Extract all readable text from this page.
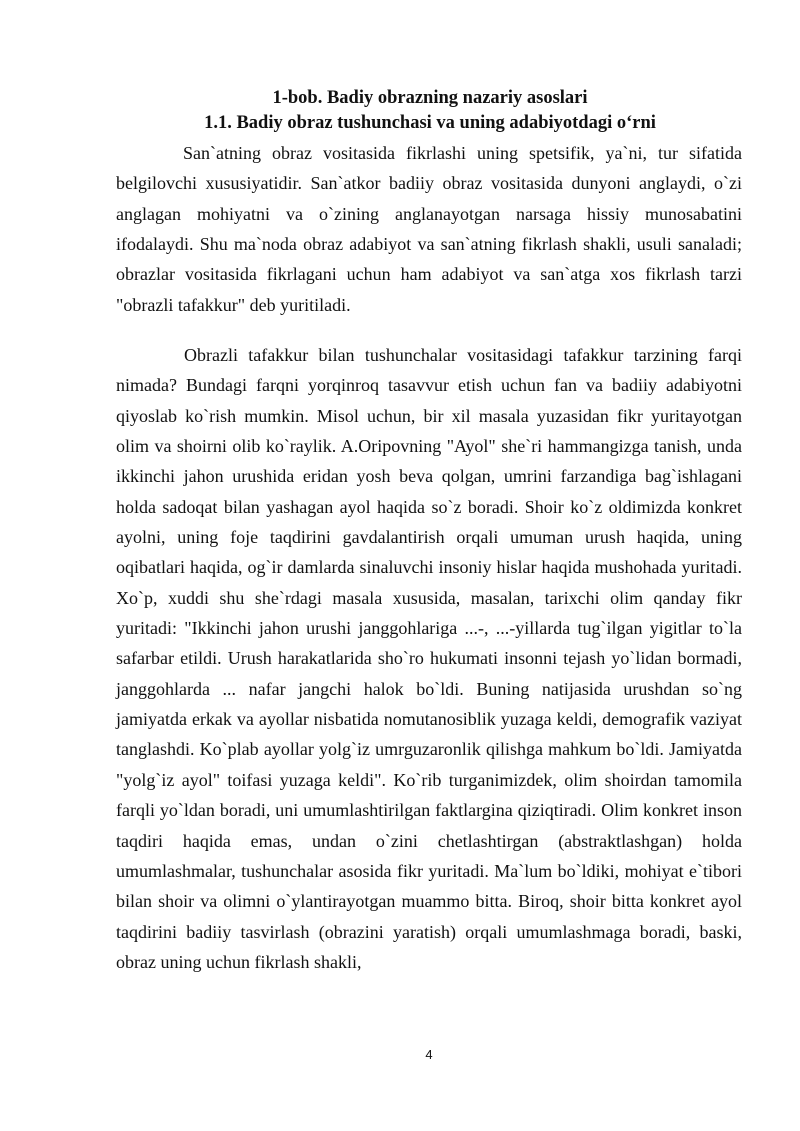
1-bob. Badiy obrazning nazariy asoslari
1.1. Badiy obraz tushunchasi va uning adabiyotdagi o‘rni

San`atning obraz vositasida fikrlashi uning spetsifik, ya`ni, tur sifatida belgilovchi xususiyatidir. San`atkor badiiy obraz vositasida dunyoni anglaydi, o`zi anglagan mohiyatni va o`zining anglanayotgan narsaga hissiy munosabatini ifodalaydi. Shu ma`noda obraz adabiyot va san`atning fikrlash shakli, usuli sanaladi; obrazlar vositasida fikrlagani uchun ham adabiyot va san`atga xos fikrlash tarzi "obrazli tafakkur" deb yuritiladi.

Obrazli tafakkur bilan tushunchalar vositasidagi tafakkur tarzining farqi nimada? Bundagi farqni yorqinroq tasavvur etish uchun fan va badiiy adabiyotni qiyoslab ko`rish mumkin. Misol uchun, bir xil masala yuzasidan fikr yuritayotgan olim va shoirni olib ko`raylik. A.Oripovning "Ayol" she`ri hammangizga tanish, unda ikkinchi jahon urushida eridan yosh beva qolgan, umrini farzandiga bag`ishlagani holda sadoqat bilan yashagan ayol haqida so`z boradi. Shoir ko`z oldimizda konkret ayolni, uning foje taqdirini gavdalantirish orqali umuman urush haqida, uning oqibatlari haqida, og`ir damlarda sinaluvchi insoniy hislar haqida mushohada yuritadi. Xo`p, xuddi shu she`rdagi masala xususida, masalan, tarixchi olim qanday fikr yuritadi: "Ikkinchi jahon urushi janggohlariga ...-, ...-yillarda tug`ilgan yigitlar to`la safarbar etildi. Urush harakatlarida sho`ro hukumati insonni tejash yo`lidan bormadi, janggohlarda ... nafar jangchi halok bo`ldi. Buning natijasida urushdan so`ng jamiyatda erkak va ayollar nisbatida nomutanosiblik yuzaga keldi, demografik vaziyat tanglashdi. Ko`plab ayollar yolg`iz umrguzaronlik qilishga mahkum bo`ldi. Jamiyatda "yolg`iz ayol" toifasi yuzaga keldi". Ko`rib turganimizdek, olim shoirdan tamomila farqli yo`ldan boradi, uni umumlashtirilgan faktlargina qiziqtiradi. Olim konkret inson taqdiri haqida emas, undan o`zini chetlashtirgan (abstraktlashgan) holda umumlashmalar, tushunchalar asosida fikr yuritadi. Ma`lum bo`ldiki, mohiyat e`tibori bilan shoir va olimni o`ylantirayotgan muammo bitta. Biroq, shoir bitta konkret ayol taqdirini badiiy tasvirlash (obrazini yaratish) orqali umumlashmaga boradi, baski, obraz uning uchun fikrlash shakli,

4
